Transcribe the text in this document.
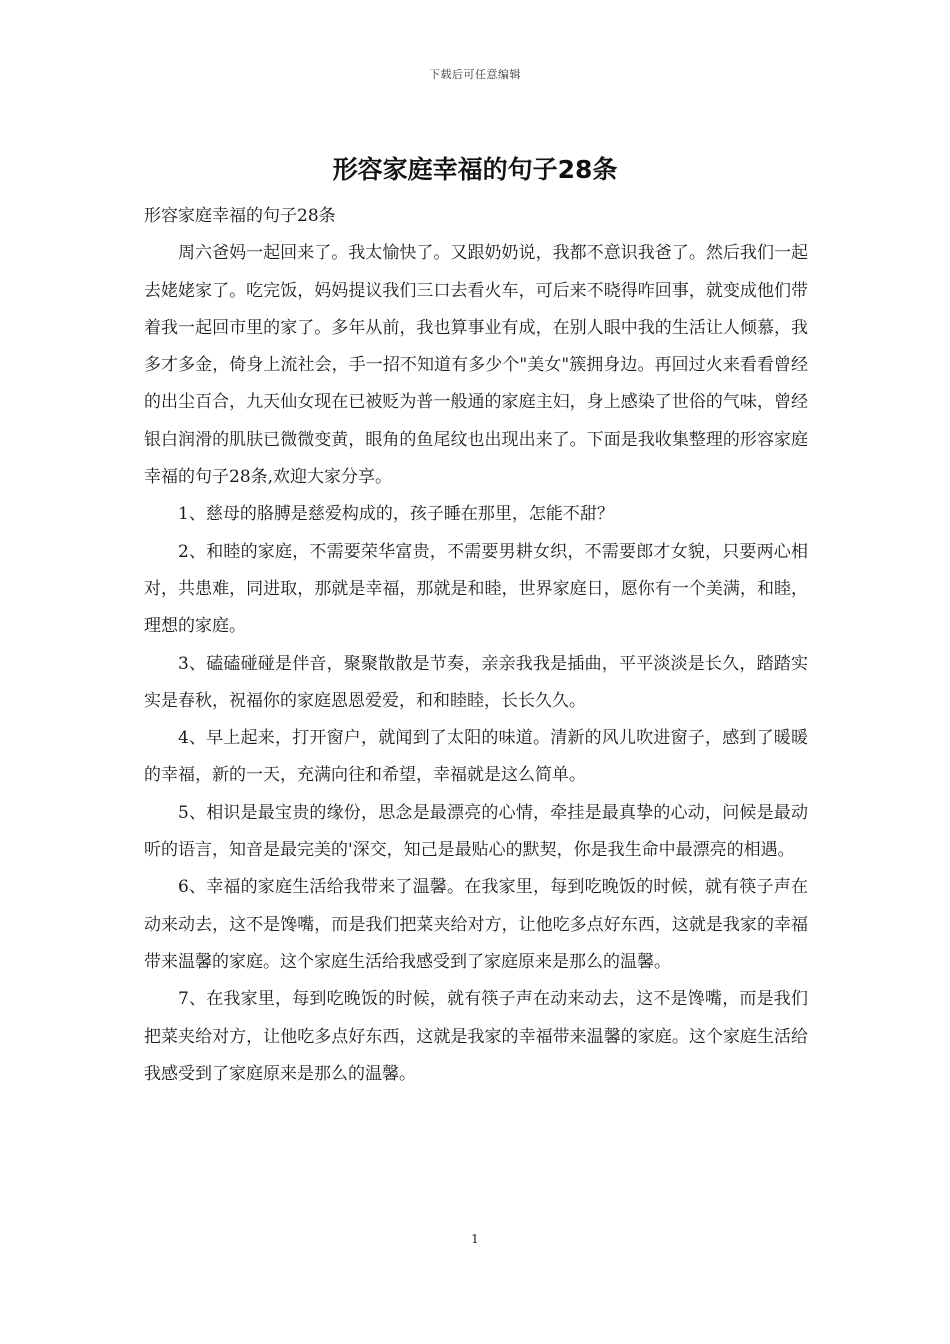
下载后可任意编辑
形容家庭幸福的句子28条

形容家庭幸福的句子28条

周六爸妈一起回来了。我太愉快了。又跟奶奶说，我都不意识我爸了。然后我们一起去姥姥家了。吃完饭，妈妈提议我们三口去看火车，可后来不晓得咋回事，就变成他们带着我一起回市里的家了。多年从前，我也算事业有成，在别人眼中我的生活让人倾慕，我多才多金，倚身上流社会，手一招不知道有多少个"美女"簇拥身边。再回过火来看看曾经的出尘百合，九天仙女现在已被贬为普一般通的家庭主妇，身上感染了世俗的气味，曾经银白润滑的肌肤已微微变黄，眼角的鱼尾纹也出现出来了。下面是我收集整理的形容家庭幸福的句子28条,欢迎大家分享。

1、慈母的胳膊是慈爱构成的，孩子睡在那里，怎能不甜？

2、和睦的家庭，不需要荣华富贵，不需要男耕女织，不需要郎才女貌，只要两心相对，共患难，同进取，那就是幸福，那就是和睦，世界家庭日，愿你有一个美满，和睦，理想的家庭。

3、磕磕碰碰是伴音，聚聚散散是节奏，亲亲我我是插曲，平平淡淡是长久，踏踏实实是春秋，祝福你的家庭恩恩爱爱，和和睦睦，长长久久。

4、早上起来，打开窗户，就闻到了太阳的味道。清新的风儿吹进窗子，感到了暖暖的幸福，新的一天，充满向往和希望，幸福就是这么简单。

5、相识是最宝贵的缘份，思念是最漂亮的心情，牵挂是最真挚的心动，问候是最动听的语言，知音是最完美的'深交，知己是最贴心的默契，你是我生命中最漂亮的相遇。

6、幸福的家庭生活给我带来了温馨。在我家里，每到吃晚饭的时候，就有筷子声在动来动去，这不是馋嘴，而是我们把菜夹给对方，让他吃多点好东西，这就是我家的幸福带来温馨的家庭。这个家庭生活给我感受到了家庭原来是那么的温馨。

7、在我家里，每到吃晚饭的时候，就有筷子声在动来动去，这不是馋嘴，而是我们把菜夹给对方，让他吃多点好东西，这就是我家的幸福带来温馨的家庭。这个家庭生活给我感受到了家庭原来是那么的温馨。

1
